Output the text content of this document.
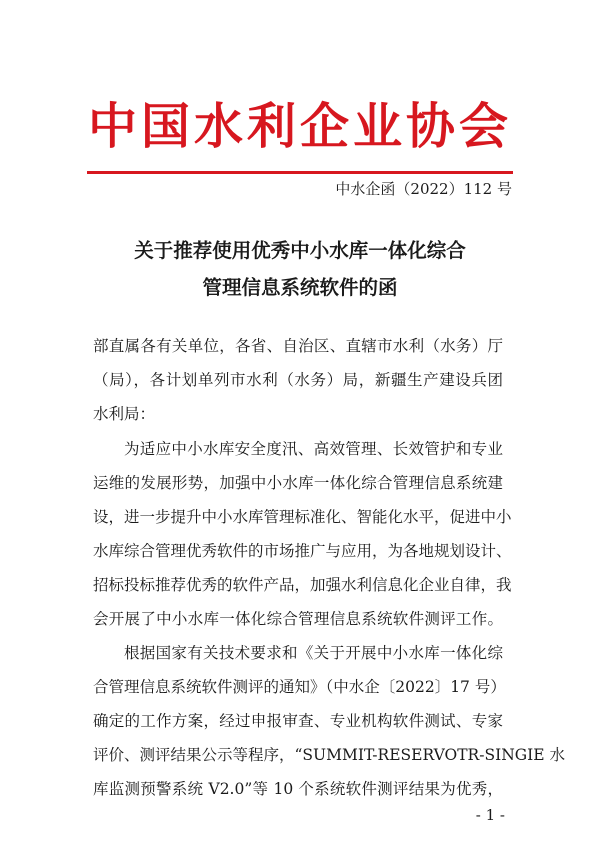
中国水利企业协会
中水企函（2022）112 号
关于推荐使用优秀中小水库一体化综合
管理信息系统软件的函
部直属各有关单位，各省、自治区、直辖市水利（水务）厅
（局），各计划单列市水利（水务）局，新疆生产建设兵团
水利局：
为适应中小水库安全度汛、高效管理、长效管护和专业
运维的发展形势，加强中小水库一体化综合管理信息系统建
设，进一步提升中小水库管理标准化、智能化水平，促进中小
水库综合管理优秀软件的市场推广与应用，为各地规划设计、
招标投标推荐优秀的软件产品，加强水利信息化企业自律，我
会开展了中小水库一体化综合管理信息系统软件测评工作。
根据国家有关技术要求和《关于开展中小水库一体化综
合管理信息系统软件测评的通知》（中水企〔2022〕17 号）
确定的工作方案，经过申报审查、专业机构软件测试、专家
评价、测评结果公示等程序，“SUMMIT-RESERVOTR-SINGIE 水
库监测预警系统 V2.0”等 10 个系统软件测评结果为优秀，
- 1 -
